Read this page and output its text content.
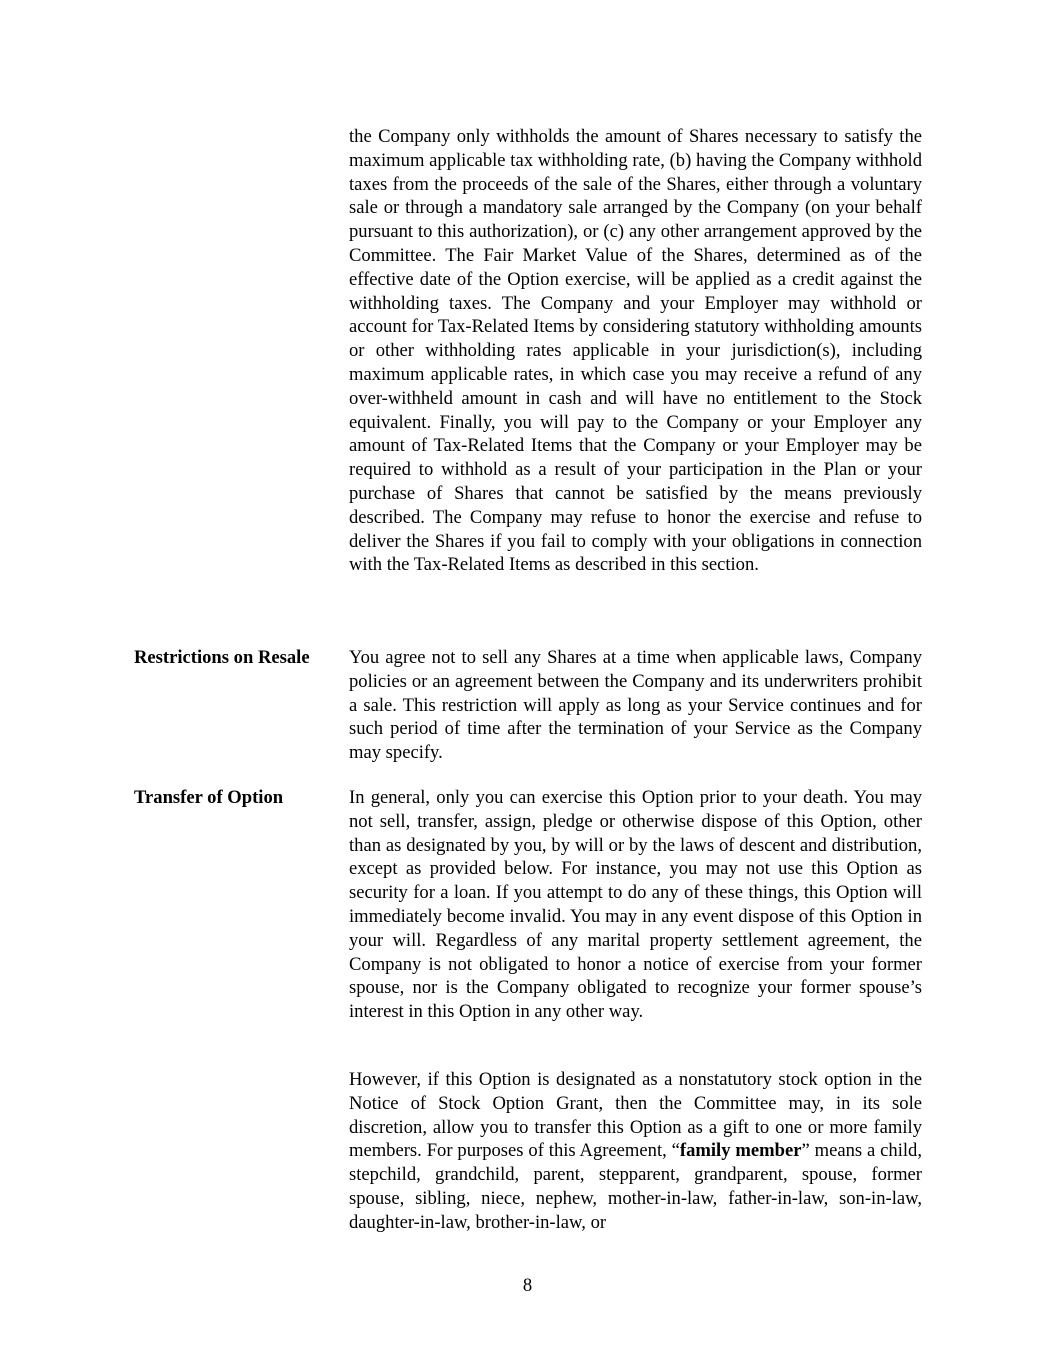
the Company only withholds the amount of Shares necessary to satisfy the maximum applicable tax withholding rate, (b) having the Company withhold taxes from the proceeds of the sale of the Shares, either through a voluntary sale or through a mandatory sale arranged by the Company (on your behalf pursuant to this authorization), or (c) any other arrangement approved by the Committee. The Fair Market Value of the Shares, determined as of the effective date of the Option exercise, will be applied as a credit against the withholding taxes. The Company and your Employer may withhold or account for Tax-Related Items by considering statutory withholding amounts or other withholding rates applicable in your jurisdiction(s), including maximum applicable rates, in which case you may receive a refund of any over-withheld amount in cash and will have no entitlement to the Stock equivalent. Finally, you will pay to the Company or your Employer any amount of Tax-Related Items that the Company or your Employer may be required to withhold as a result of your participation in the Plan or your purchase of Shares that cannot be satisfied by the means previously described. The Company may refuse to honor the exercise and refuse to deliver the Shares if you fail to comply with your obligations in connection with the Tax-Related Items as described in this section.

Restrictions on Resale You agree not to sell any Shares at a time when applicable laws, Company policies or an agreement between the Company and its underwriters prohibit a sale. This restriction will apply as long as your Service continues and for such period of time after the termination of your Service as the Company may specify.

Transfer of Option	In general, only you can exercise this Option prior to your death. You may not sell, transfer, assign, pledge or otherwise dispose of this Option, other than as designated by you, by will or by the laws of descent and distribution, except as provided below. For instance, you may not use this Option as security for a loan. If you attempt to do any of these things, this Option will immediately become invalid. You may in any event dispose of this Option in your will. Regardless of any marital property settlement agreement, the Company is not obligated to honor a notice of exercise from your former spouse, nor is the Company obligated to recognize your former spouse’s interest in this Option in any other way.

However, if this Option is designated as a nonstatutory stock option in the Notice of Stock Option Grant, then the Committee may, in its sole discretion, allow you to transfer this Option as a gift to one or more family members. For purposes of this Agreement, “family member” means a child, stepchild, grandchild, parent, stepparent, grandparent, spouse, former spouse, sibling, niece, nephew, mother-in-law, father-in-law, son-in-law, daughter-in-law, brother-in-law, or

8
